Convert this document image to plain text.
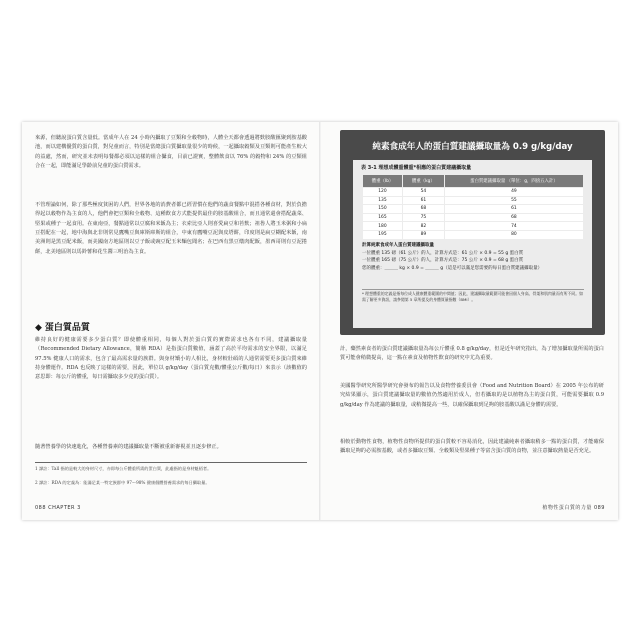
來源，但聽說蛋白質含量低。當成年人在 24 小時內攝取了豆類和全穀物時，人體全天都會透過將麩胺酸匯聚到胺基酸池，而以建構優質的蛋白質，對兒童而言，特別是當總蛋白質攝取量很少的時候，一起攝取穀類及豆類則可能產生較大的益處，然而，研究並未表明每餐都必須以這樣的組合攝食，目前已證實，整體飲食以 76% 的穀物和 24% 的豆類組合在一起，即能滿足學齡前兒童的蛋白質需求。

不管理論如何，除了那些極度貧困的人們，世界各地的消費者都已經習慣在他們的蔬食餐點中混搭各種食材，對於負擔得起以穀物作為主食的人，他們會把豆類和全穀物、這種飲食方式能提供最佳的胺基酸組合，而且通常還會搭配蔬菜、堅果或種子一起食用。在東南亞，餐點通常以豆腐和米飯為主；衣索比亞人則喜愛扁豆和苔麩；祖魯人將玉米粥和小扁豆搭配在一起，地中海與北非則常見鷹嘴豆與庫斯庫斯的組合，中東有鷹嘴豆泥與皮塔餅，印度則是扁豆糊配米飯，南美洲則是黑豆配米飯，而美國南方地區則以豆子飯或豌豆配玉米麵包聞名；在巴西有黑豆燉肉配飯，墨西哥則有豆泥捲餅，北美地區則以馬鈴薯和花生醬三明治為主食。

◆ 蛋白質品質

維持良好的健康需要多少蛋白質？即使體重相同，每個人對於蛋白質的實際需求也各有不同，建議攝取量（Recommended Dietary Allowance，簡稱 RDA）是指蛋白質數值，涵蓋了高於平均需求的安全界限，以滿足 97.5% 健康人口的需求，包含了最高需求量的族群。與身材矯小的人相比，身材較壯碩的人通常需要更多蛋白質來維持身體運作。RDA 也反映了這樣的需要，因此，單位以 g/kg/day（蛋白質克數/體重公斤數/每日）來表示（該數值的意思即：每公斤的體重，每日需攝取多少克的蛋白質）。

隨著營養學的快速進化，各種營養素的建議攝取量不斷被重新審視並且逐步修正。

1 譯註：Tall 指的是較大的身材尺寸，亦即每公斤體重所需的蛋白質，此處指的是身材魁梧者。
2 譯註：RDA 的定義為：能滿足某一特定族群中 97～98% 健康個體營養需求的每日攝取量。
088 CHAPTER 3
純素食成年人的蛋白質建議攝取量為 0.9 g/kg/day
表 3-1 理想成體重體重*相應的蛋白質建議攝取量
體重（lb）	體重（kg）	蛋白質建議攝取量 （單位：g，四捨五入計）
120	54	49
135	61	55
150	68	61
165	75	68
180	82	74
195	89	80
計算純素食成年人蛋白質建議攝取量
一位體重 135 磅（61 公斤）的人，計算方式是：61 公斤 × 0.9 = 55 g 蛋白質
一位體重 165 磅（75 公斤）的人，計算方式是：75 公斤 × 0.9 = 68 g 蛋白質
您的體重：＿＿＿ kg × 0.9 = ＿＿＿ g（這是可以滿足您需要的每日蛋白質建議攝取量）
* 理想體重的定義是指每位成人健康體重範圍的中間值；因此，建議攝取量範圍可能會因個人身高、骨架和肌肉量而有所不同。如需了解更多資訊，請參閱第 5 章所提及的身體質量指數（BMI）。

計，藥然素食者的蛋白質建議攝取量為每公斤體重 0.8 g/kg/day，但是近年研究指出，為了增加攝取量所需的蛋白質可能會稍微提高，這一點在素食及植物性飲食的研究中尤為重要。

美國醫學研究所醫學研究會發布的報告以及食物營養委員會（Food and Nutrition Board）在 2005 年公布的研究結果顯示，蛋白質建議攝取量的數值仍然適用於成人，但若攝取的是以植物為主的蛋白質，可能需要攝取 0.9 g/kg/day 作為建議的攝取量，或稍微提高一些，以確保攝取到足夠的胺基酸以滿足身體的需要。

相較於動物性食物，植物性食物所提供的蛋白質較不容易消化，因此建議純素者攝取稍多一點的蛋白質，才能確保攝取足夠的必需胺基酸，或者多攝取豆類、全穀類及堅果種子等富含蛋白質的食物，並注意攝取熱量是否充足。

植物性蛋白質的力量 089
